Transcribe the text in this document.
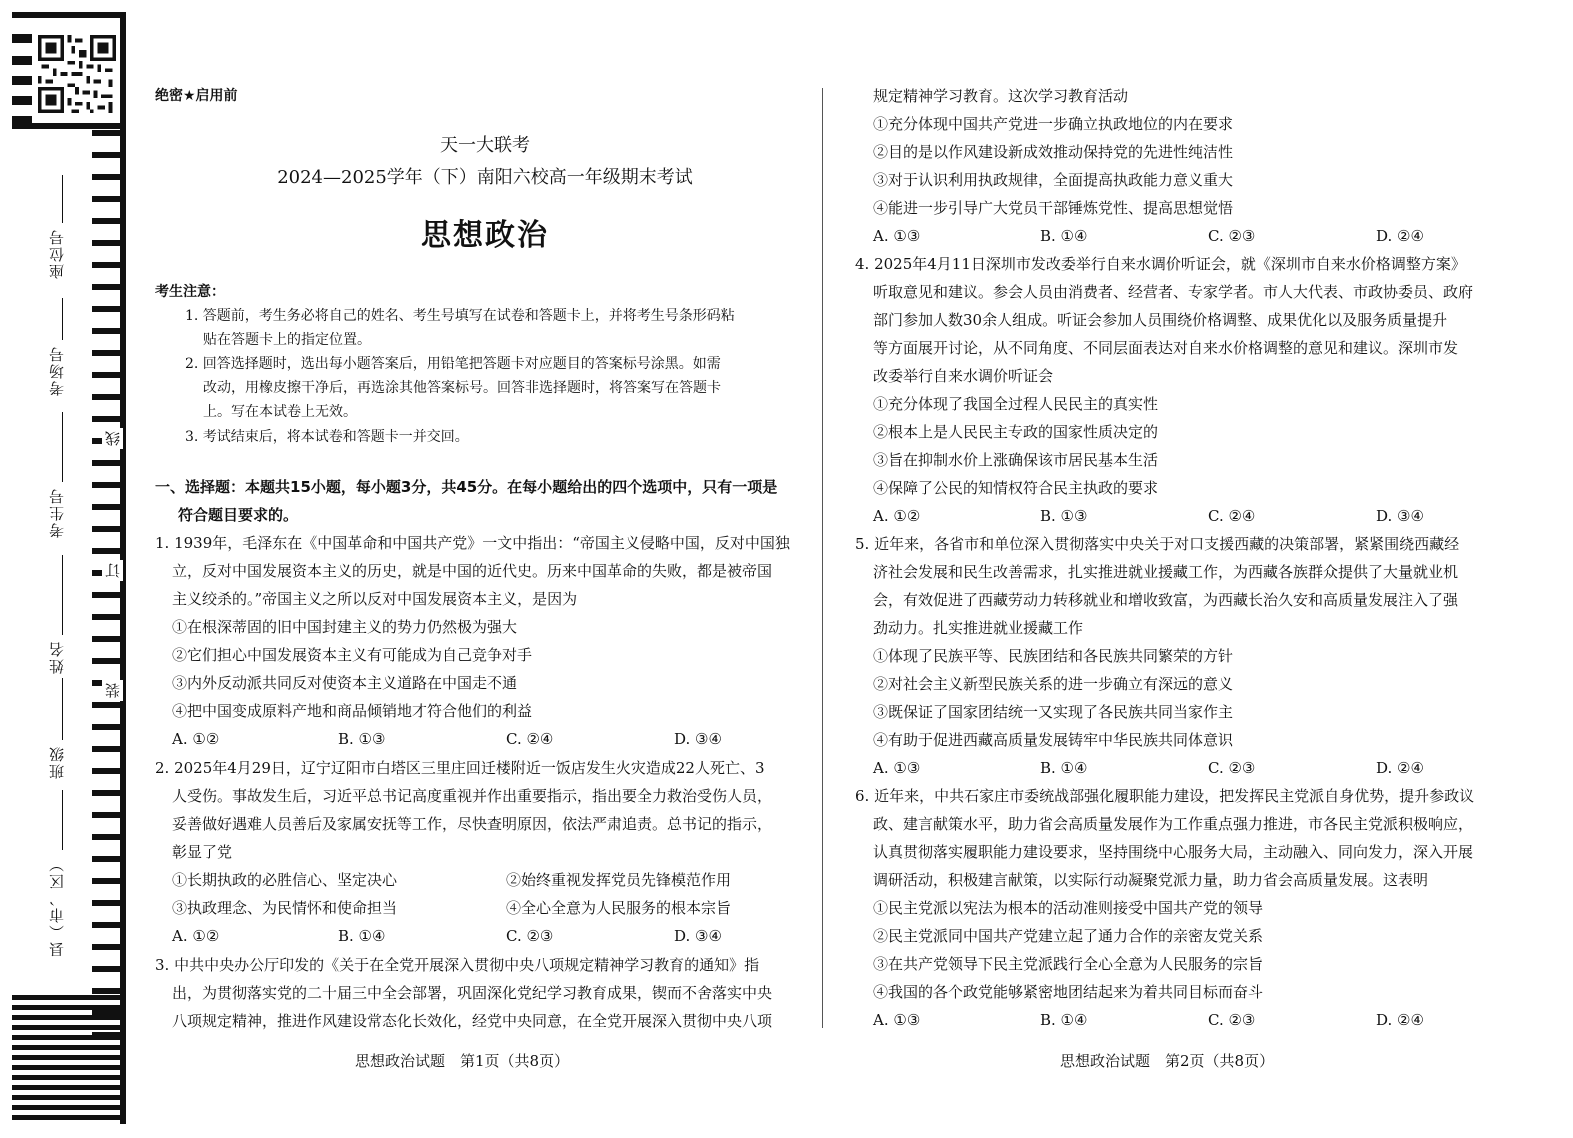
座位号
考场号
考生号
姓名
班级
县（市、区）
线
订
装
绝密★启用前
天一大联考
2024—2025学年（下）南阳六校高一年级期末考试
思想政治
考生注意：
1. 答题前，考生务必将自己的姓名、考生号填写在试卷和答题卡上，并将考生号条形码粘
贴在答题卡上的指定位置。
2. 回答选择题时，选出每小题答案后，用铅笔把答题卡对应题目的答案标号涂黑。如需
改动，用橡皮擦干净后，再选涂其他答案标号。回答非选择题时，将答案写在答题卡
上。写在本试卷上无效。
3. 考试结束后，将本试卷和答题卡一并交回。
一、选择题：本题共15小题，每小题3分，共45分。在每小题给出的四个选项中，只有一项是
符合题目要求的。
1. 1939年，毛泽东在《中国革命和中国共产党》一文中指出：“帝国主义侵略中国，反对中国独
立，反对中国发展资本主义的历史，就是中国的近代史。历来中国革命的失败，都是被帝国
主义绞杀的。”帝国主义之所以反对中国发展资本主义，是因为
①在根深蒂固的旧中国封建主义的势力仍然极为强大
②它们担心中国发展资本主义有可能成为自己竞争对手
③内外反动派共同反对使资本主义道路在中国走不通
④把中国变成原料产地和商品倾销地才符合他们的利益
A. ①②	B. ①③	C. ②④	D. ③④
2. 2025年4月29日，辽宁辽阳市白塔区三里庄回迁楼附近一饭店发生火灾造成22人死亡、3
人受伤。事故发生后，习近平总书记高度重视并作出重要指示，指出要全力救治受伤人员，
妥善做好遇难人员善后及家属安抚等工作，尽快查明原因，依法严肃追责。总书记的指示，
彰显了党
①长期执政的必胜信心、坚定决心	②始终重视发挥党员先锋模范作用
③执政理念、为民情怀和使命担当	④全心全意为人民服务的根本宗旨
A. ①②	B. ①④	C. ②③	D. ③④
3. 中共中央办公厅印发的《关于在全党开展深入贯彻中央八项规定精神学习教育的通知》指
出，为贯彻落实党的二十届三中全会部署，巩固深化党纪学习教育成果，锲而不舍落实中央
八项规定精神，推进作风建设常态化长效化，经党中央同意，在全党开展深入贯彻中央八项
思想政治试题　第1页（共8页）
规定精神学习教育。这次学习教育活动
①充分体现中国共产党进一步确立执政地位的内在要求
②目的是以作风建设新成效推动保持党的先进性纯洁性
③对于认识利用执政规律，全面提高执政能力意义重大
④能进一步引导广大党员干部锤炼党性、提高思想觉悟
A. ①③	B. ①④	C. ②③	D. ②④
4. 2025年4月11日深圳市发改委举行自来水调价听证会，就《深圳市自来水价格调整方案》
听取意见和建议。参会人员由消费者、经营者、专家学者。市人大代表、市政协委员、政府
部门参加人数30余人组成。听证会参加人员围绕价格调整、成果优化以及服务质量提升
等方面展开讨论，从不同角度、不同层面表达对自来水价格调整的意见和建议。深圳市发
改委举行自来水调价听证会
①充分体现了我国全过程人民民主的真实性
②根本上是人民民主专政的国家性质决定的
③旨在抑制水价上涨确保该市居民基本生活
④保障了公民的知情权符合民主执政的要求
A. ①②	B. ①③	C. ②④	D. ③④
5. 近年来，各省市和单位深入贯彻落实中央关于对口支援西藏的决策部署，紧紧围绕西藏经
济社会发展和民生改善需求，扎实推进就业援藏工作，为西藏各族群众提供了大量就业机
会，有效促进了西藏劳动力转移就业和增收致富，为西藏长治久安和高质量发展注入了强
劲动力。扎实推进就业援藏工作
①体现了民族平等、民族团结和各民族共同繁荣的方针
②对社会主义新型民族关系的进一步确立有深远的意义
③既保证了国家团结统一又实现了各民族共同当家作主
④有助于促进西藏高质量发展铸牢中华民族共同体意识
A. ①③	B. ①④	C. ②③	D. ②④
6. 近年来，中共石家庄市委统战部强化履职能力建设，把发挥民主党派自身优势，提升参政议
政、建言献策水平，助力省会高质量发展作为工作重点强力推进，市各民主党派积极响应，
认真贯彻落实履职能力建设要求，坚持围绕中心服务大局，主动融入、同向发力，深入开展
调研活动，积极建言献策，以实际行动凝聚党派力量，助力省会高质量发展。这表明
①民主党派以宪法为根本的活动准则接受中国共产党的领导
②民主党派同中国共产党建立起了通力合作的亲密友党关系
③在共产党领导下民主党派践行全心全意为人民服务的宗旨
④我国的各个政党能够紧密地团结起来为着共同目标而奋斗
A. ①③	B. ①④	C. ②③	D. ②④
思想政治试题　第2页（共8页）
